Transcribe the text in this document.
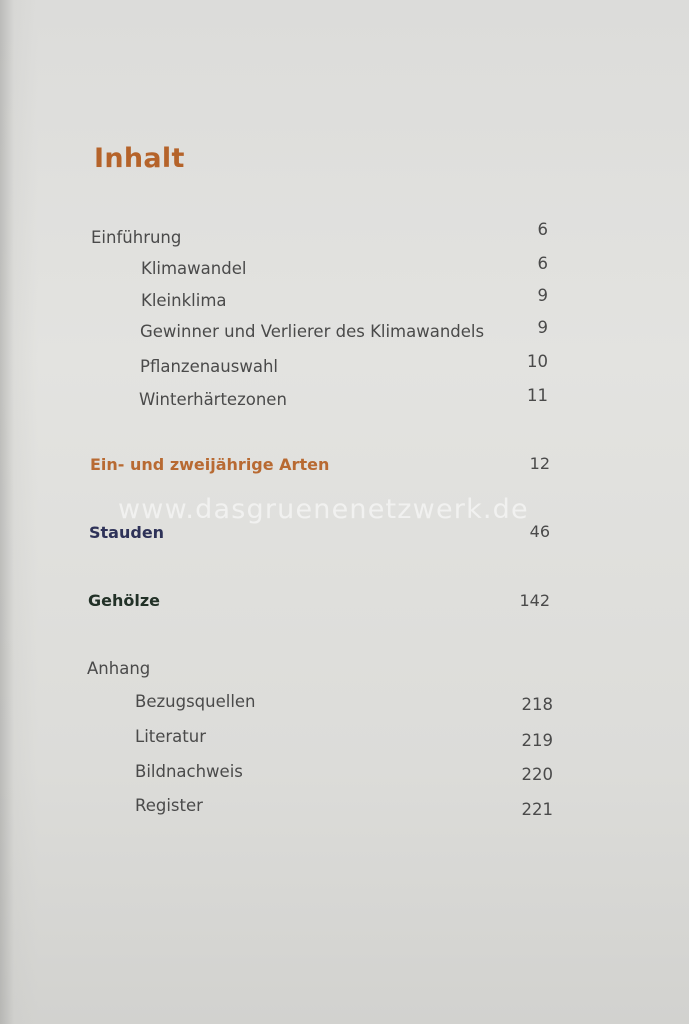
Inhalt
Einführung	6
Klimawandel	6
Kleinklima	9
Gewinner und Verlierer des Klimawandels	9
Pflanzenauswahl	10
Winterhärtezonen	11
Ein- und zweijährige Arten	12
Stauden	46
Gehölze	142
Anhang
Bezugsquellen	218
Literatur	219
Bildnachweis	220
Register	221
www.dasgruenenetzwerk.de
